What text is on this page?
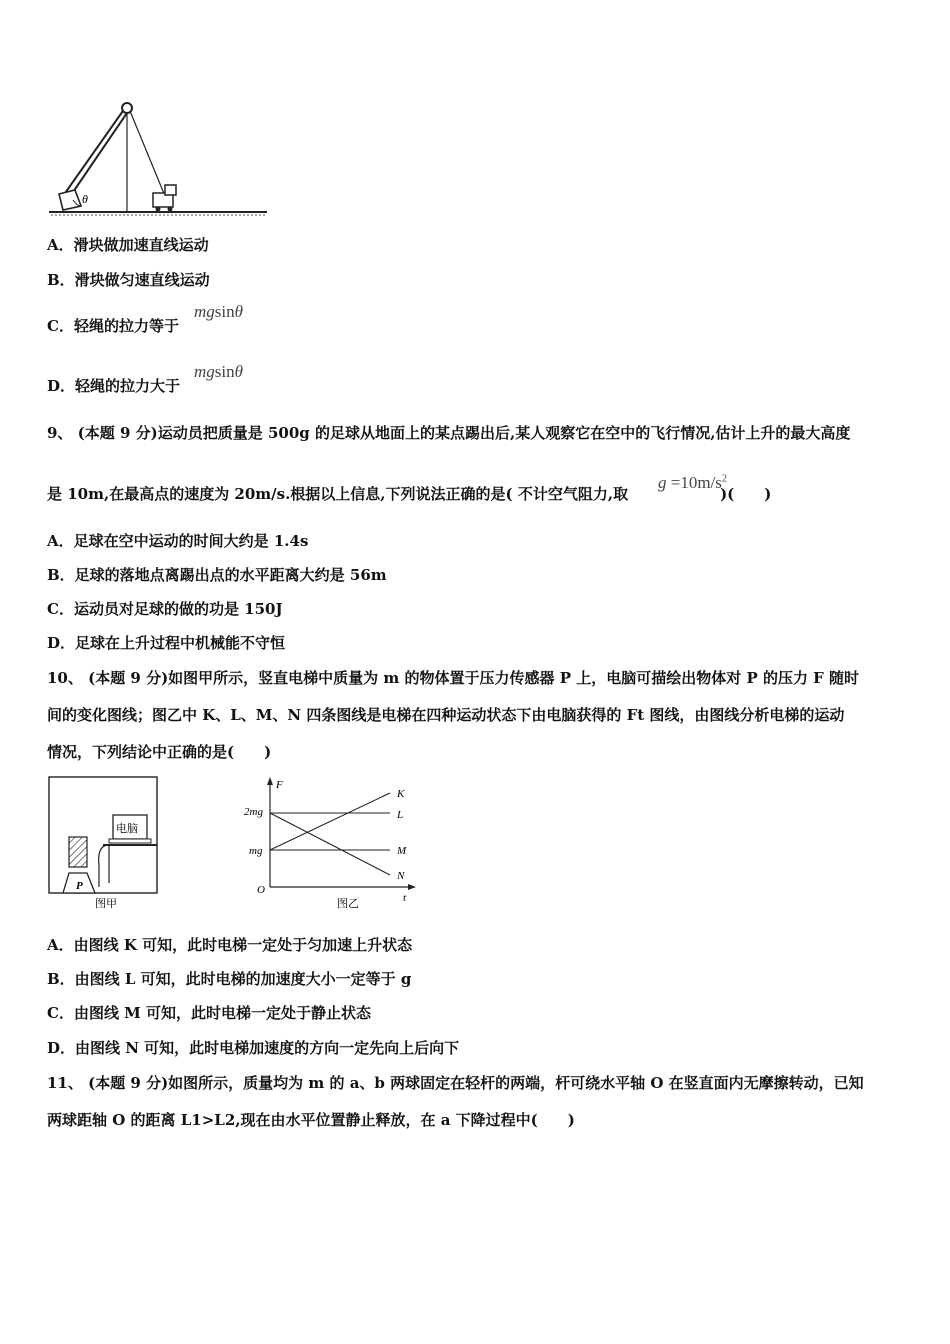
θ
A．滑块做加速直线运动
B．滑块做匀速直线运动
C．轻绳的拉力等于
mgsinθ
D．轻绳的拉力大于
mgsinθ
9、 (本题 9 分)运动员把质量是 500g 的足球从地面上的某点踢出后,某人观察它在空中的飞行情况,估计上升的最大高度
是 10m,在最高点的速度为 20m/s.根据以上信息,下列说法正确的是( 不计空气阻力,取	)(　　)
$g =10m/s^2$
A．足球在空中运动的时间大约是 1.4s
B．足球的落地点离踢出点的水平距离大约是 56m
C．运动员对足球的做的功是 150J
D．足球在上升过程中机械能不守恒
10、 (本题 9 分)如图甲所示，竖直电梯中质量为 m 的物体置于压力传感器 P 上，电脑可描绘出物体对 P 的压力 F 随时
间的变化图线；图乙中 K、L、M、N 四条图线是电梯在四种运动状态下由电脑获得的 Ft 图线，由图线分析电梯的运动
情况，下列结论中正确的是(　　)
电脑
P
图甲
F
t
O
2mg
mg
K
L
M
N
图乙
A．由图线 K 可知，此时电梯一定处于匀加速上升状态
B．由图线 L 可知，此时电梯的加速度大小一定等于 g
C．由图线 M 可知，此时电梯一定处于静止状态
D．由图线 N 可知，此时电梯加速度的方向一定先向上后向下
11、 (本题 9 分)如图所示，质量均为 m 的 a、b 两球固定在轻杆的两端，杆可绕水平轴 O 在竖直面内无摩擦转动，已知
两球距轴 O 的距离 L1>L2,现在由水平位置静止释放，在 a 下降过程中(　　)
